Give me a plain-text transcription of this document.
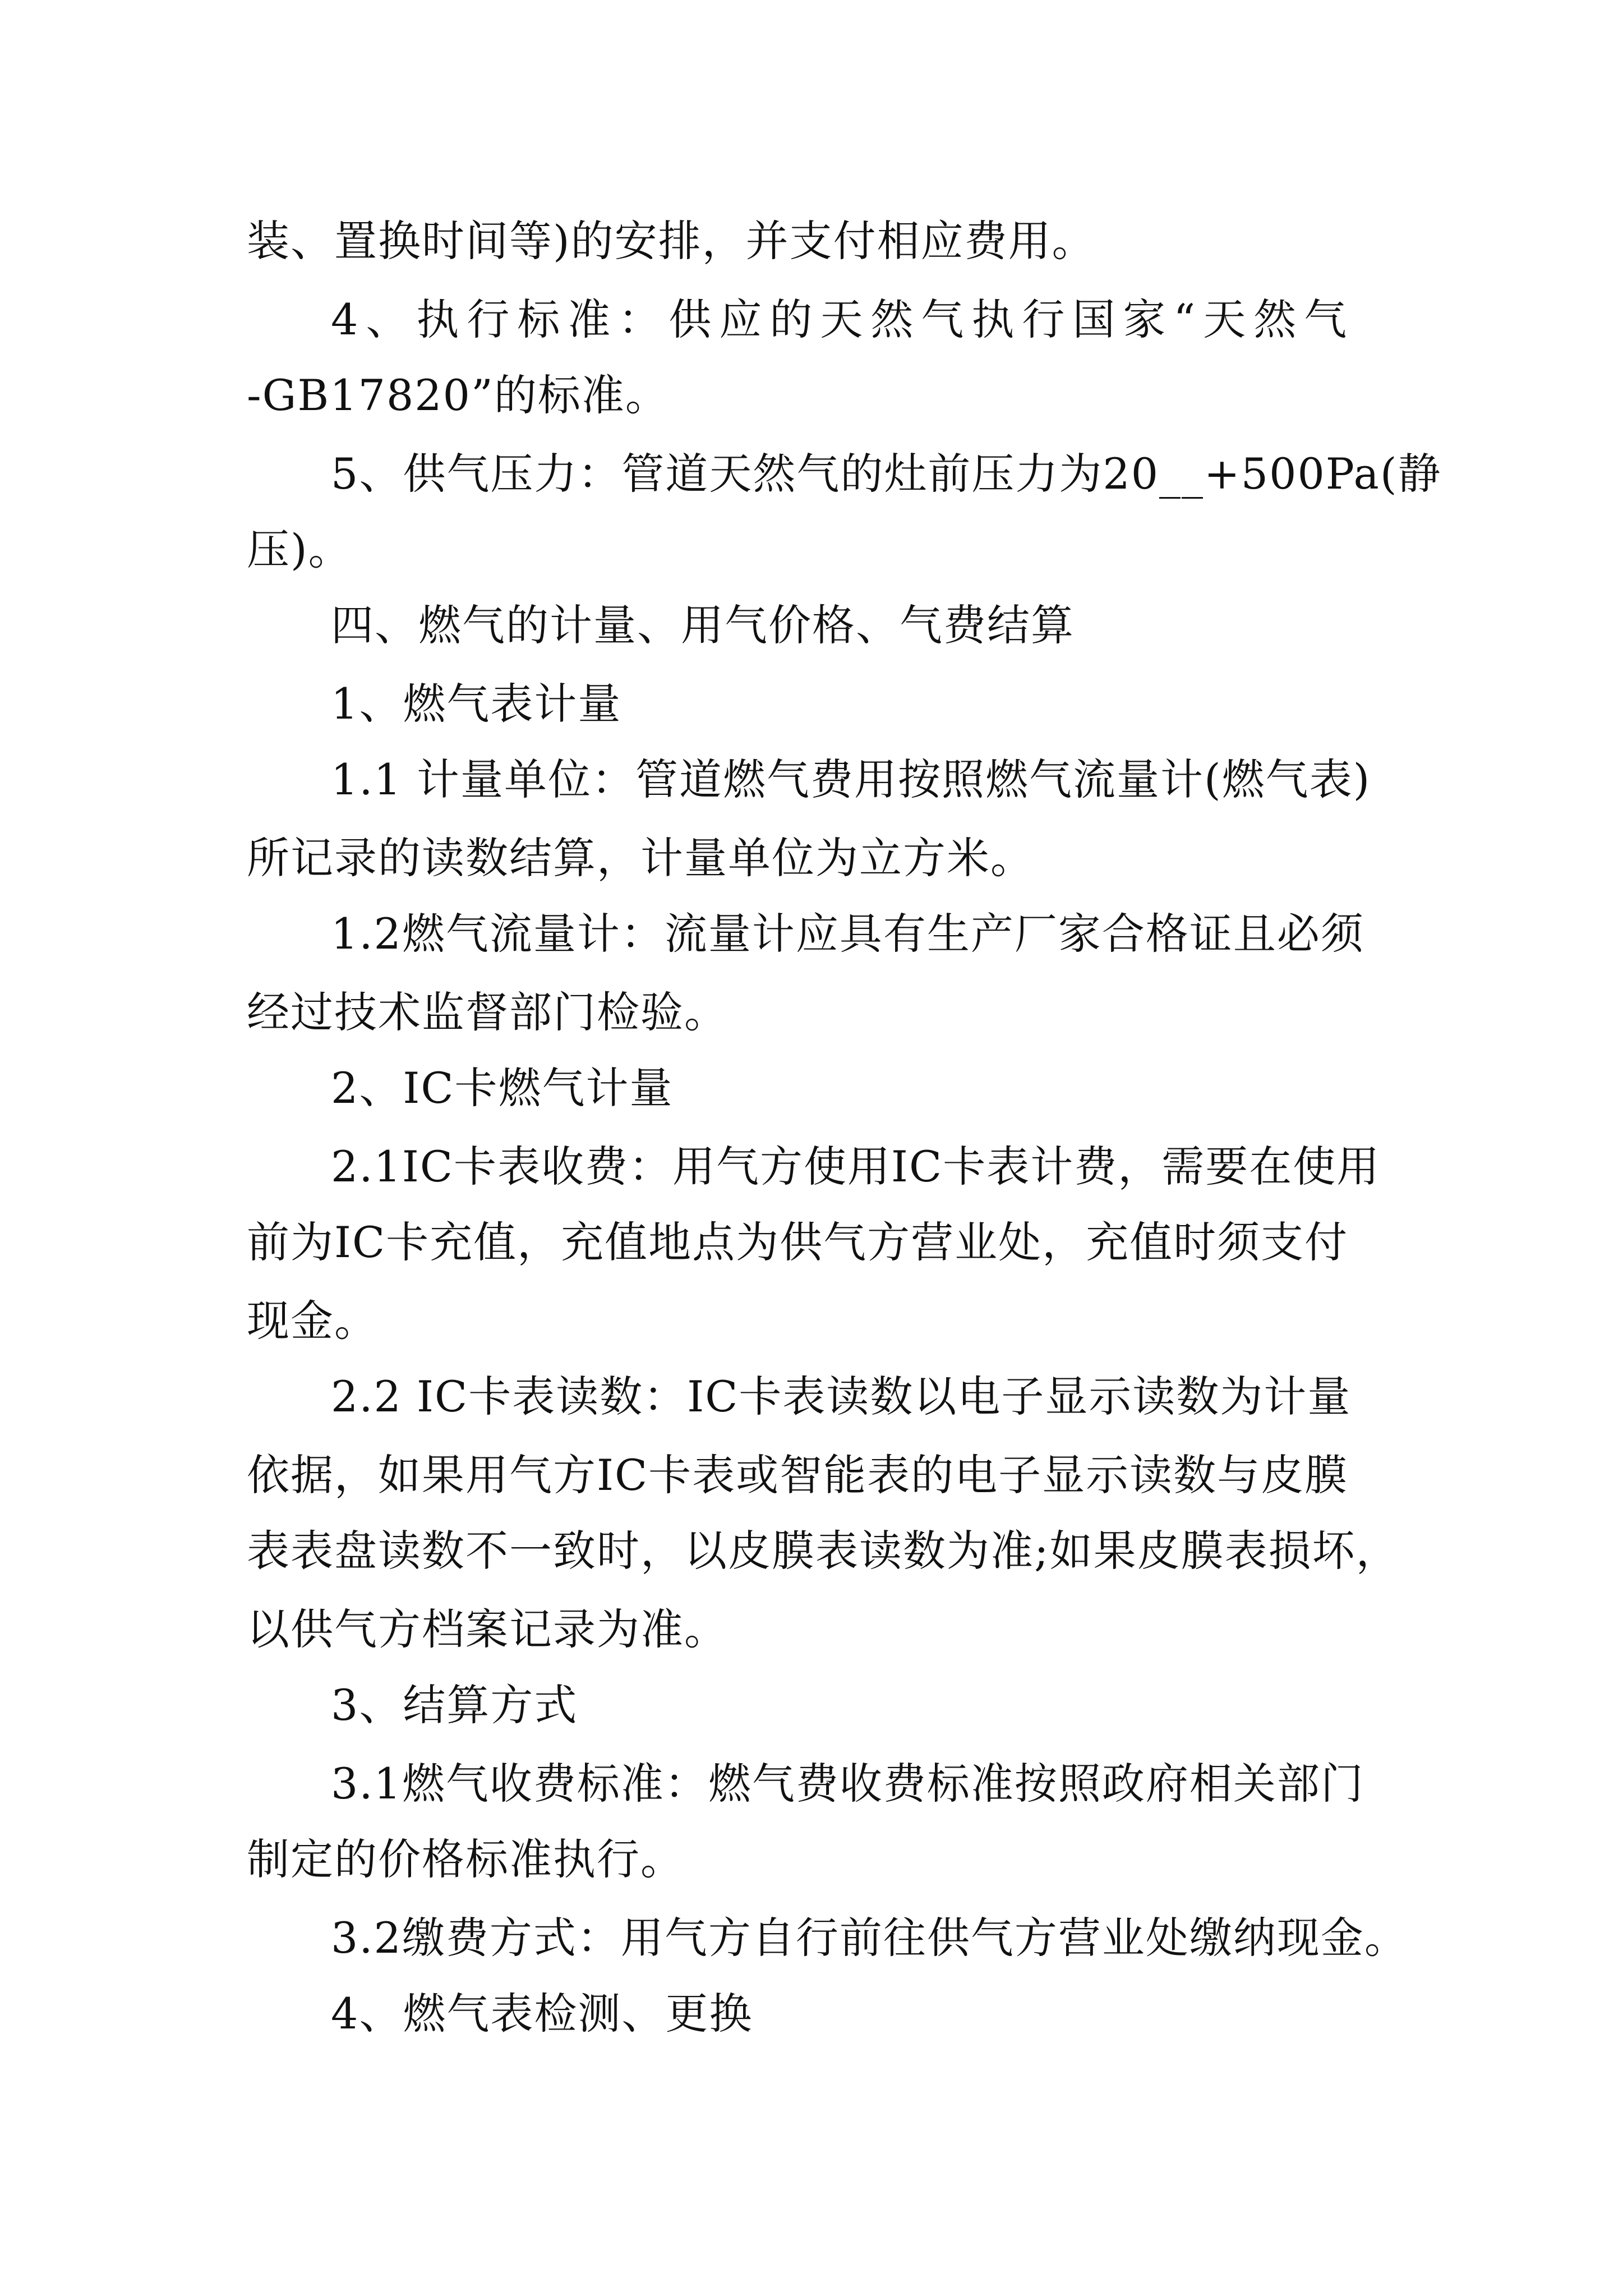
装、置换时间等)的安排，并支付相应费用。
4、执行标准：供应的天然气执行国家“天然气
-GB17820”的标准。
5、供气压力：管道天然气的灶前压力为20__+500Pa(静
压)。
四、燃气的计量、用气价格、气费结算
1、燃气表计量
1.1 计量单位：管道燃气费用按照燃气流量计(燃气表)
所记录的读数结算，计量单位为立方米。
1.2燃气流量计：流量计应具有生产厂家合格证且必须
经过技术监督部门检验。
2、IC卡燃气计量
2.1IC卡表收费：用气方使用IC卡表计费，需要在使用
前为IC卡充值，充值地点为供气方营业处，充值时须支付
现金。
2.2 IC卡表读数：IC卡表读数以电子显示读数为计量
依据，如果用气方IC卡表或智能表的电子显示读数与皮膜
表表盘读数不一致时，以皮膜表读数为准;如果皮膜表损坏，
以供气方档案记录为准。
3、结算方式
3.1燃气收费标准：燃气费收费标准按照政府相关部门
制定的价格标准执行。
3.2缴费方式：用气方自行前往供气方营业处缴纳现金。
4、燃气表检测、更换
